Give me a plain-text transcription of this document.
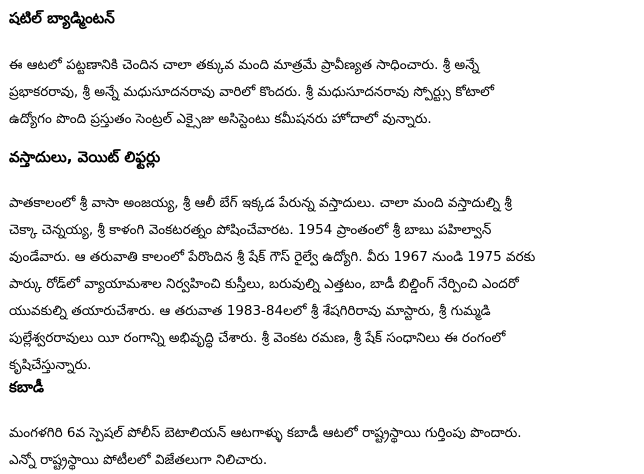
షటిల్ బ్యాడ్మింటన్
ఈ ఆటలో పట్టణానికి చెందిన చాలా తక్కువ మంది మాత్రమే ప్రావీణ్యత సాధించారు. శ్రీ అన్నే
ప్రభాకరరావు, శ్రీ అన్నే మధుసూదనరావు వారిలో కొందరు. శ్రీ మధుసూదనరావు స్పోర్ట్సు కోటాలో
ఉద్యోగం పొంది ప్రస్తుతం సెంట్రల్ ఎక్సైజు అసిస్టెంటు కమీషనరు హోదాలో వున్నారు.
వస్తాదులు, వెయిట్ లిఫ్టర్లు
పాతకాలంలో శ్రీ వాసా అంజయ్య, శ్రీ ఆలీ బేగ్ ఇక్కడ పేరున్న వస్తాదులు. చాలా మంది వస్తాదుల్ని శ్రీ
చెక్కా చెన్నయ్య, శ్రీ కాళంగి వెంకటరత్నం పోషించేవారట. 1954 ప్రాంతంలో శ్రీ బాబు పహిల్వాన్
వుండేవారు. ఆ తరువాతి కాలంలో పేరొందిన శ్రీ షేక్ గౌస్ రైల్వే ఉద్యోగి. వీరు 1967 నుండి 1975 వరకు
పార్కు రోడ్‌లో వ్యాయామశాల నిర్వహించి కుస్తీలు, బరువుల్ని ఎత్తటం, బాడీ బిల్డింగ్ నేర్పించి ఎందరో
యువకుల్ని తయారుచేశారు. ఆ తరువాత 1983-84లలో శ్రీ శేషగిరిరావు మాస్టారు, శ్రీ గుమ్మడి
పుల్లేశ్వరరావులు యీ రంగాన్ని అభివృద్ధి చేశారు. శ్రీ వెంకట రమణ, శ్రీ షేక్ సంధానిలు ఈ రంగంలో
కృషిచేస్తున్నారు.
కబాడీ
మంగళగిరి 6వ స్పెషల్ పోలీస్ బెటాలియన్ ఆటగాళ్ళు కబాడీ ఆటలో రాష్ట్రస్థాయి గుర్తింపు పొందారు.
ఎన్నో రాష్ట్రస్థాయి పోటీలలో విజేతలుగా నిలిచారు.
